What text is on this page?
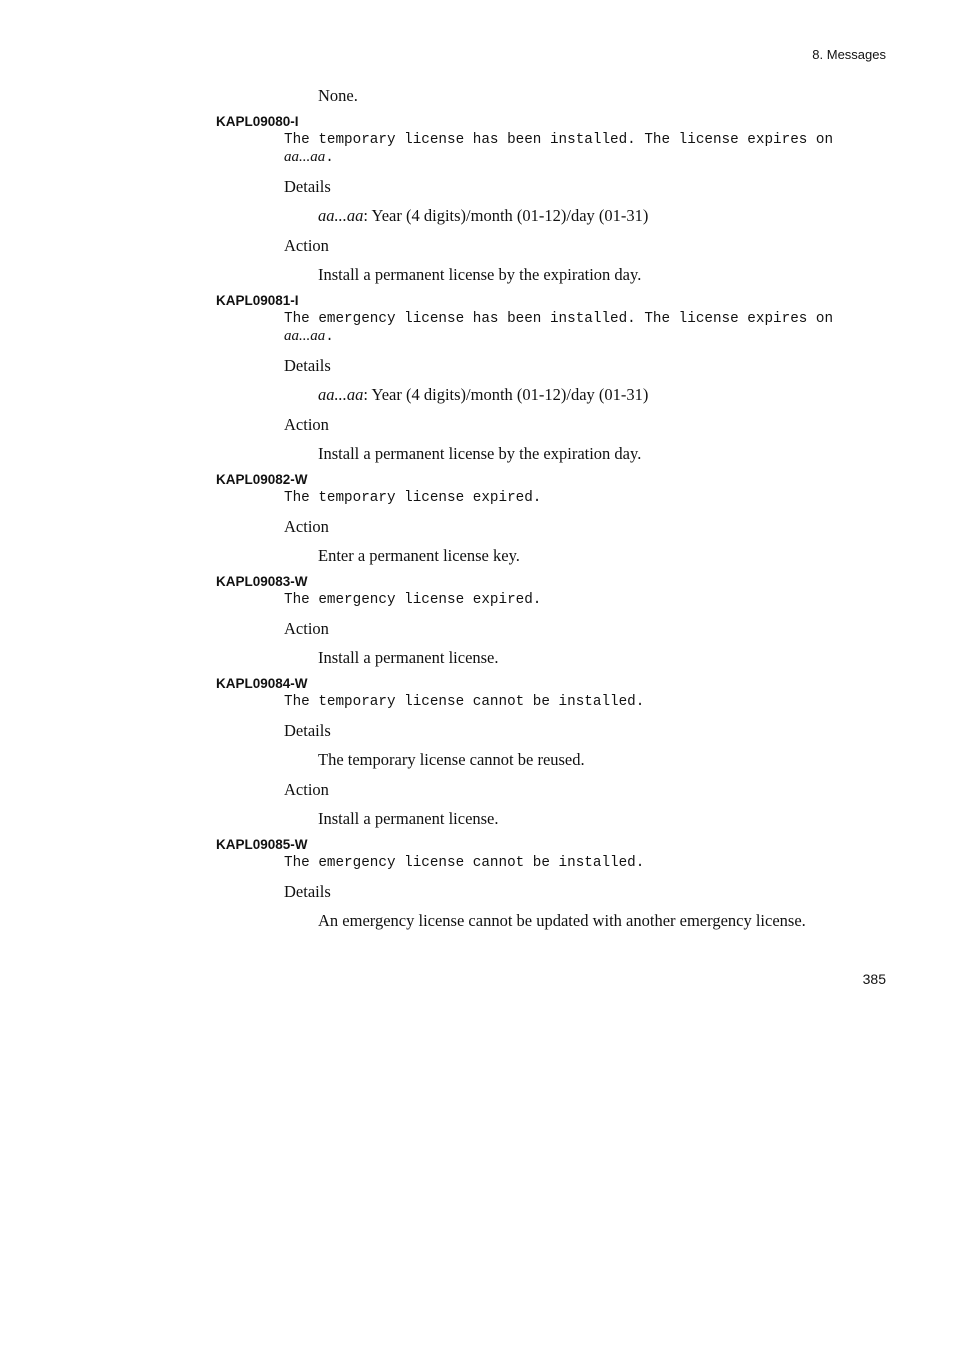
8. Messages

None.

KAPL09080-I

The temporary license has been installed. The license expires on
aa...aa.

Details

aa...aa: Year (4 digits)/month (01-12)/day (01-31)

Action

Install a permanent license by the expiration day.

KAPL09081-I

The emergency license has been installed. The license expires on
aa...aa.

Details

aa...aa: Year (4 digits)/month (01-12)/day (01-31)

Action

Install a permanent license by the expiration day.

KAPL09082-W

The temporary license expired.

Action

Enter a permanent license key.

KAPL09083-W

The emergency license expired.

Action

Install a permanent license.

KAPL09084-W

The temporary license cannot be installed.

Details

The temporary license cannot be reused.

Action

Install a permanent license.

KAPL09085-W

The emergency license cannot be installed.

Details

An emergency license cannot be updated with another emergency license.

385
